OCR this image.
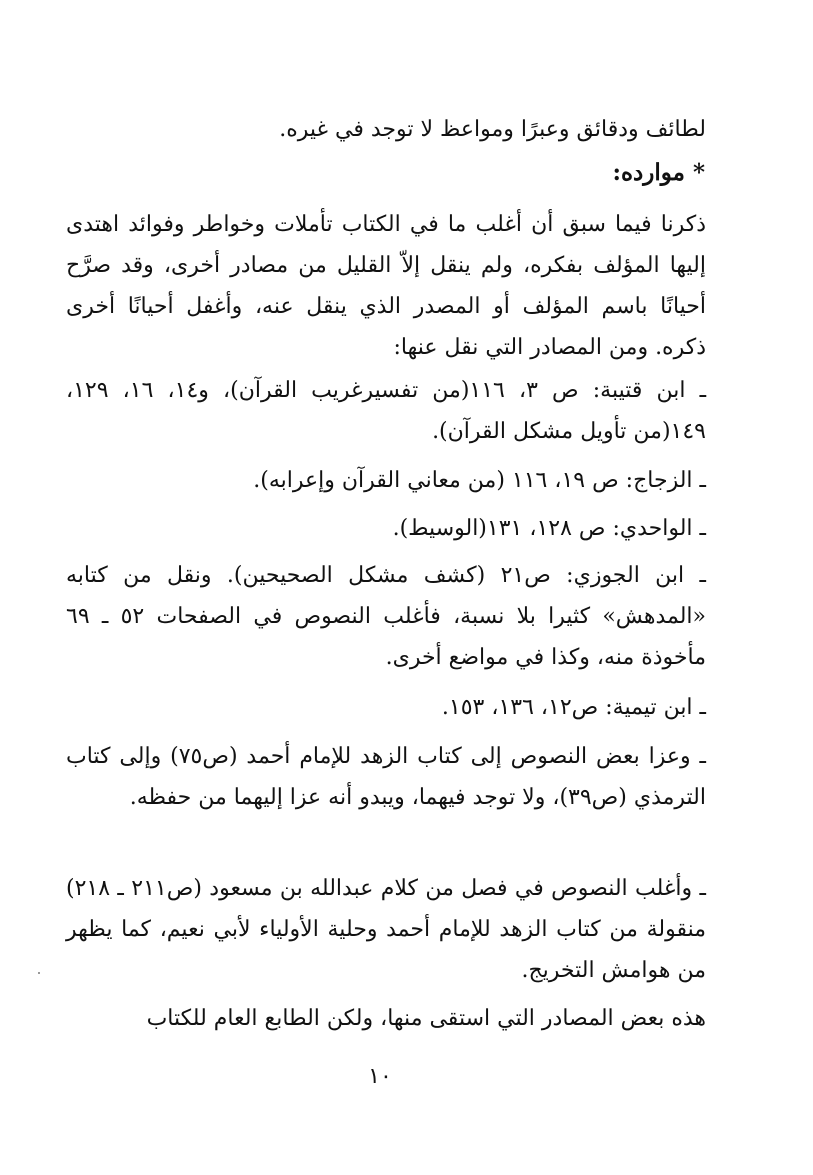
لطائف ودقائق وعبرًا ومواعظ لا توجد في غيره.

*موارده:

ذكرنا فيما سبق أن أغلب ما في الكتاب تأملات وخواطر وفوائد اهتدى إليها المؤلف بفكره، ولم ينقل إلاّ القليل من مصادر أخرى، وقد صرَّح أحيانًا باسم المؤلف أو المصدر الذي ينقل عنه، وأغفل أحيانًا أخرى ذكره. ومن المصادر التي نقل عنها:

ـ ابن قتيبة: ص ٣، ١١٦(من تفسيرغريب القرآن)، و١٤، ١٦، ١٢٩، ١٤٩(من تأويل مشكل القرآن).

ـ الزجاج: ص ١٩، ١١٦ (من معاني القرآن وإعرابه).

ـ الواحدي: ص ١٢٨، ١٣١(الوسيط).

ـ ابن الجوزي: ص٢١ (كشف مشكل الصحيحين). ونقل من كتابه «المدهش» كثيرا بلا نسبة، فأغلب النصوص في الصفحات ٥٢ ـ ٦٩ مأخوذة منه، وكذا في مواضع أخرى.

ـ ابن تيمية: ص١٢، ١٣٦، ١٥٣.

ـ وعزا بعض النصوص إلى كتاب الزهد للإمام أحمد (ص٧٥) وإلى كتاب الترمذي (ص٣٩)، ولا توجد فيهما، ويبدو أنه عزا إليهما من حفظه.

ـ وأغلب النصوص في فصل من كلام عبدالله بن مسعود (ص٢١١ ـ ٢١٨) منقولة من كتاب الزهد للإمام أحمد وحلية الأولياء لأبي نعيم، كما يظهر من هوامش التخريج.

هذه بعض المصادر التي استقى منها، ولكن الطابع العام للكتاب

١٠
